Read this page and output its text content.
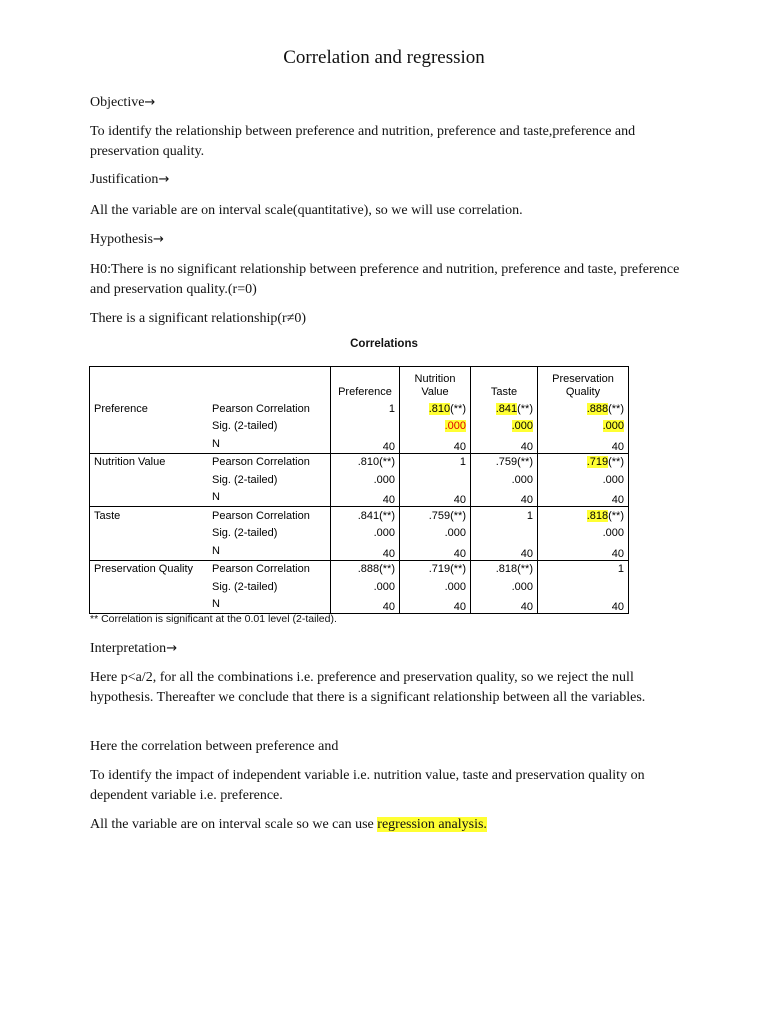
Correlation and regression
Objective→
To identify the relationship between preference and nutrition, preference and taste,preference and preservation quality.
Justification→
All the variable are on interval scale(quantitative), so we will use correlation.
Hypothesis→
H0:There is no significant relationship between preference and nutrition, preference and taste, preference and preservation quality.(r=0)
There is a significant relationship(r≠0)
Correlations
		Preference	Nutrition
Value	Taste	Preservation
Quality
Preference	Pearson Correlation	1	.810(**)	.841(**)	.888(**)
	Sig. (2-tailed)		.000	.000	.000
	N	40	40	40	40
Nutrition Value	Pearson Correlation	.810(**)	1	.759(**)	.719(**)
	Sig. (2-tailed)	.000		.000	.000
	N	40	40	40	40
Taste	Pearson Correlation	.841(**)	.759(**)	1	.818(**)
	Sig. (2-tailed)	.000	.000		.000
	N	40	40	40	40
Preservation Quality	Pearson Correlation	.888(**)	.719(**)	.818(**)	1
	Sig. (2-tailed)	.000	.000	.000	
	N	40	40	40	40
** Correlation is significant at the 0.01 level (2-tailed).
Interpretation→
Here p<a/2, for all the combinations i.e. preference and preservation quality, so we reject the null hypothesis. Thereafter we conclude that there is a significant relationship between all the variables.
Here the correlation between preference and
To identify the impact of independent variable i.e. nutrition value, taste and preservation quality on dependent variable i.e. preference.
All the variable are on interval scale so we can use regression analysis.
